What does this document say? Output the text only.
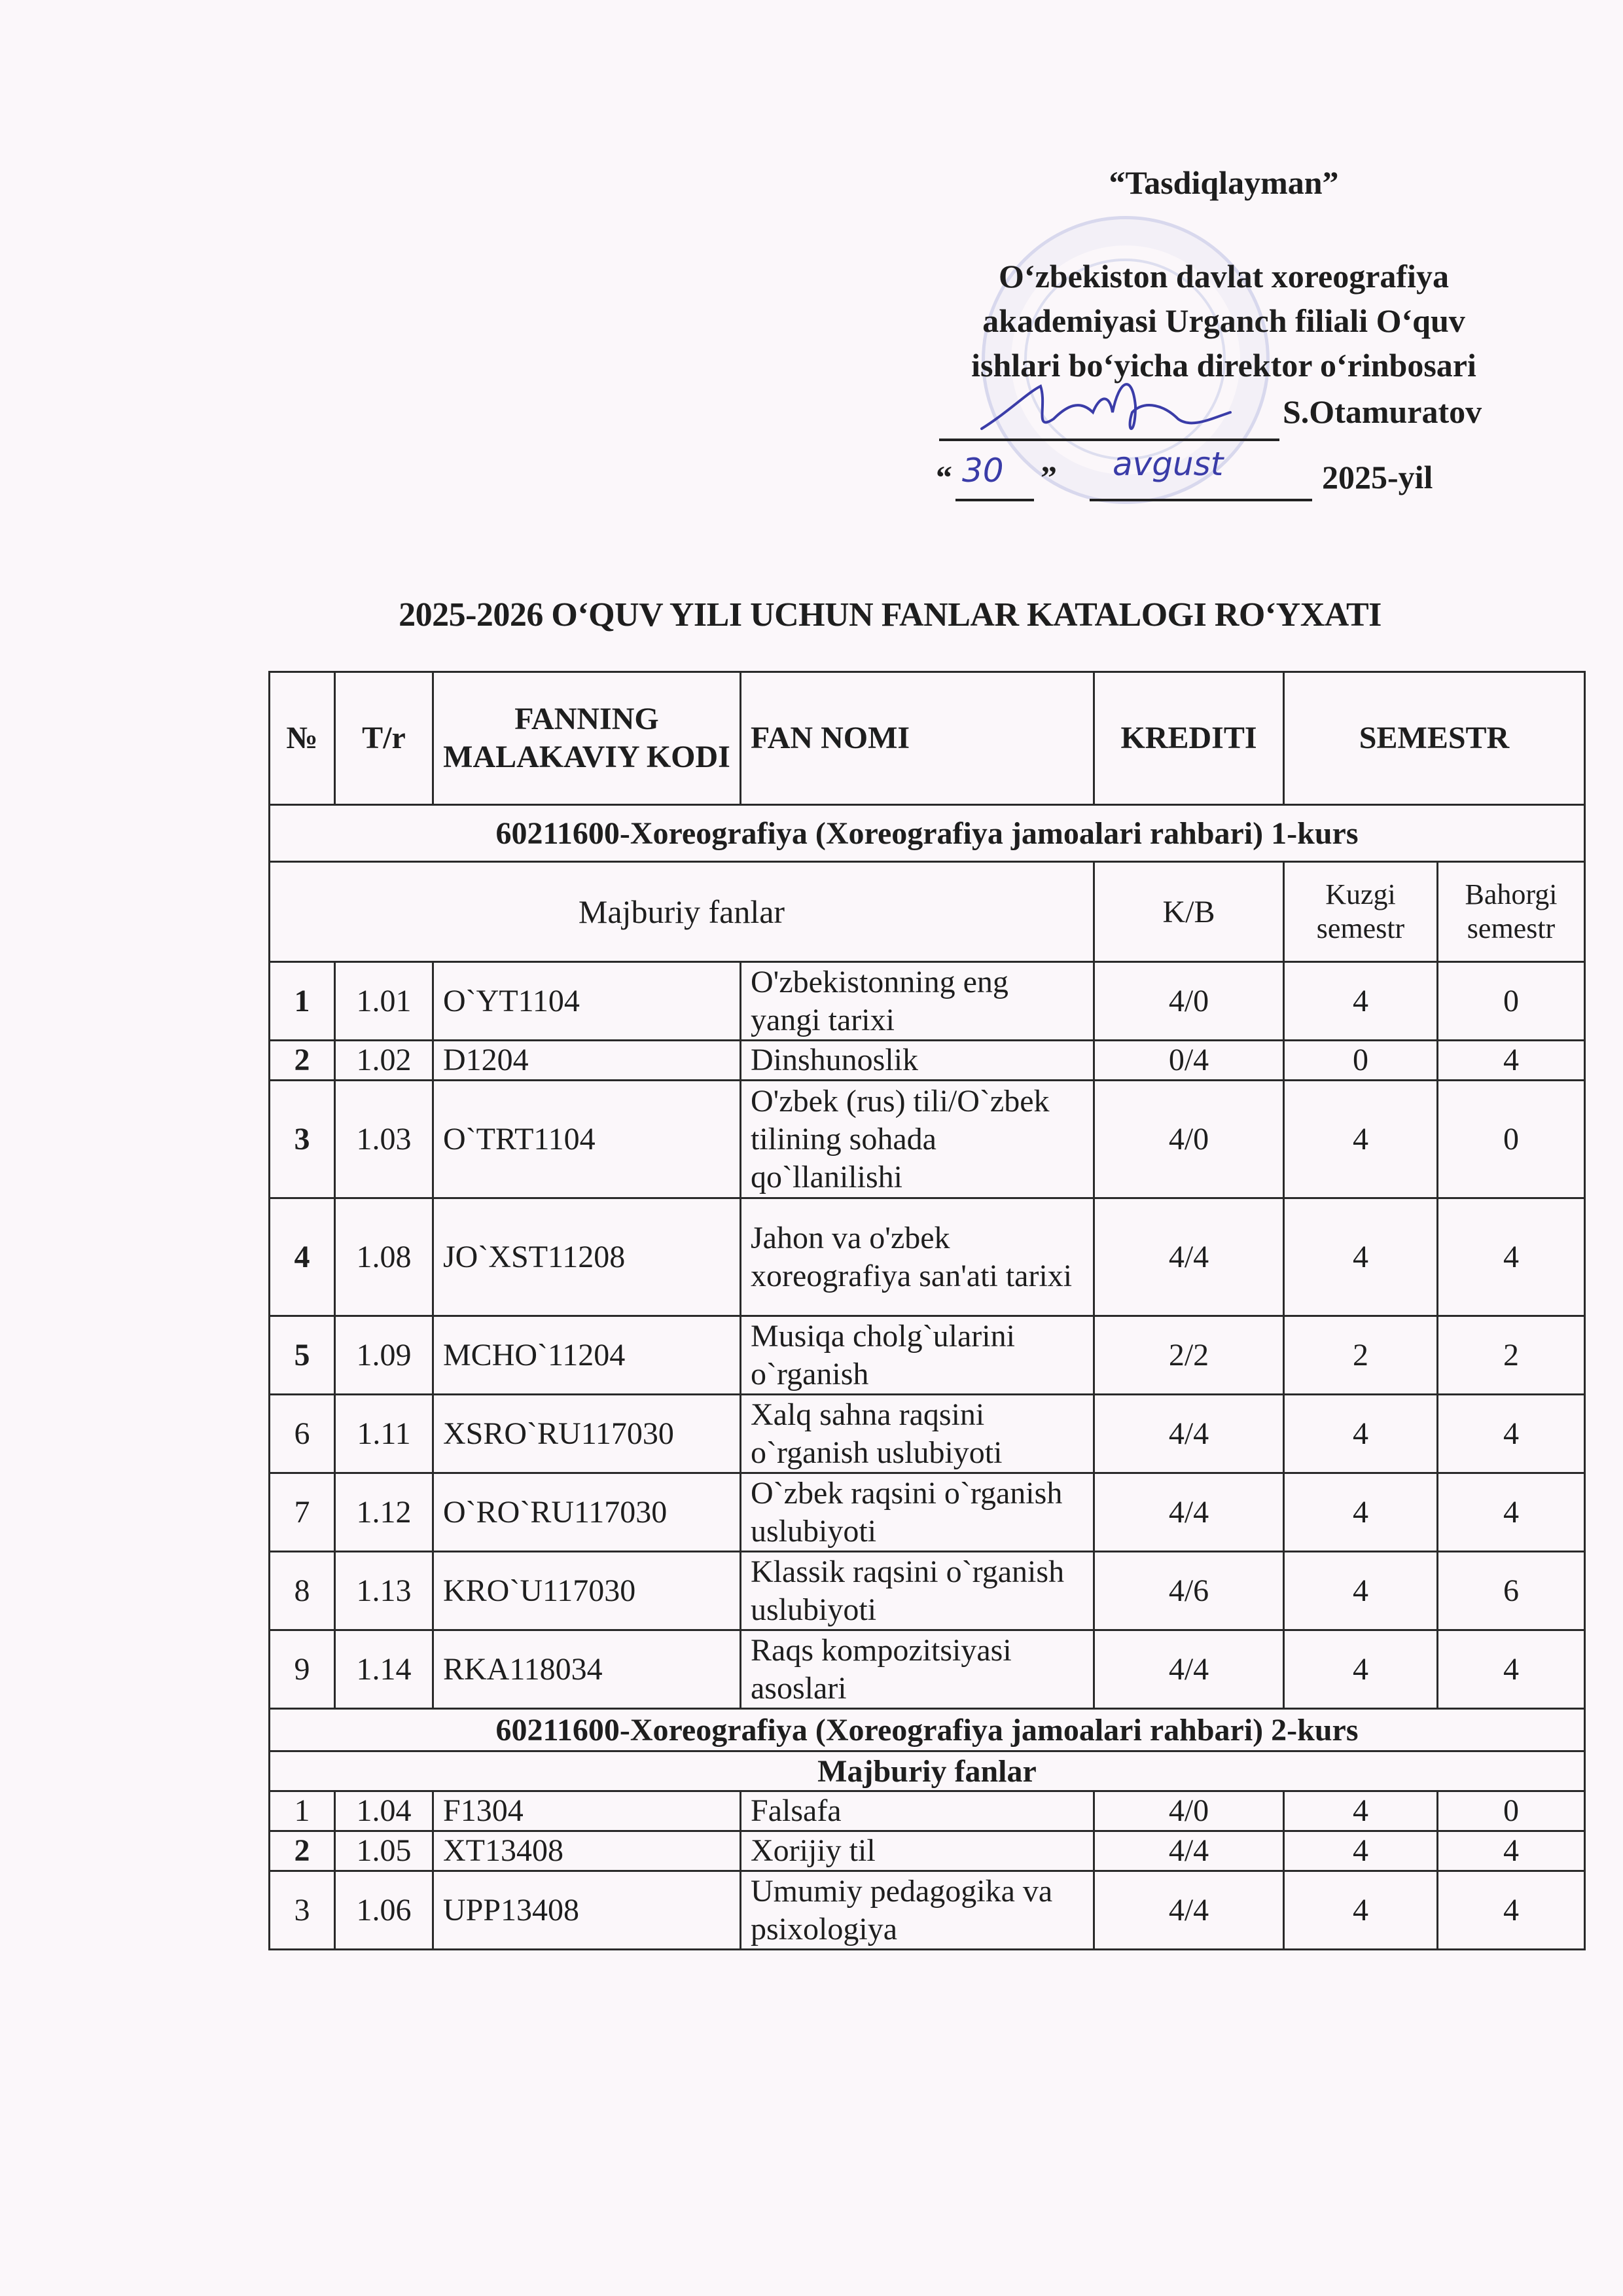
“Tasdiqlayman”
O‘zbekiston davlat xoreografiya
akademiyasi Urganch filiali O‘quv
ishlari bo‘yicha direktor o‘rinbosari
S.Otamuratov
“ 30 ” avgust	2025-yil
2025-2026 O‘QUV YILI UCHUN FANLAR KATALOGI RO‘YXATI
№	T/r	FANNING MALAKAVIY KODI	FAN NOMI	KREDITI	SEMESTR	
60211600-Xoreografiya (Xoreografiya jamoalari rahbari) 1-kurs						
Majburiy fanlar				K/B	Kuzgi semestr	Bahorgi semestr
1	1.01	O`YT1104	O'zbekistonning eng yangi tarixi	4/0	4	0
2	1.02	D1204	Dinshunoslik	0/4	0	4
3	1.03	O`TRT1104	O'zbek (rus) tili/O`zbek tilining sohada qo`llanilishi	4/0	4	0
4	1.08	JO`XST11208	Jahon va o'zbek xoreografiya san'ati tarixi	4/4	4	4
5	1.09	MCHO`11204	Musiqa cholg`ularini o`rganish	2/2	2	2
6	1.11	XSRO`RU117030	Xalq sahna raqsini o`rganish uslubiyoti	4/4	4	4
7	1.12	O`RO`RU117030	O`zbek raqsini o`rganish uslubiyoti	4/4	4	4
8	1.13	KRO`U117030	Klassik raqsini o`rganish uslubiyoti	4/6	4	6
9	1.14	RKA118034	Raqs kompozitsiyasi asoslari	4/4	4	4
60211600-Xoreografiya (Xoreografiya jamoalari rahbari) 2-kurs						
Majburiy fanlar						
1	1.04	F1304	Falsafa	4/0	4	0
2	1.05	XT13408	Xorijiy til	4/4	4	4
3	1.06	UPP13408	Umumiy pedagogika va psixologiya	4/4	4	4
